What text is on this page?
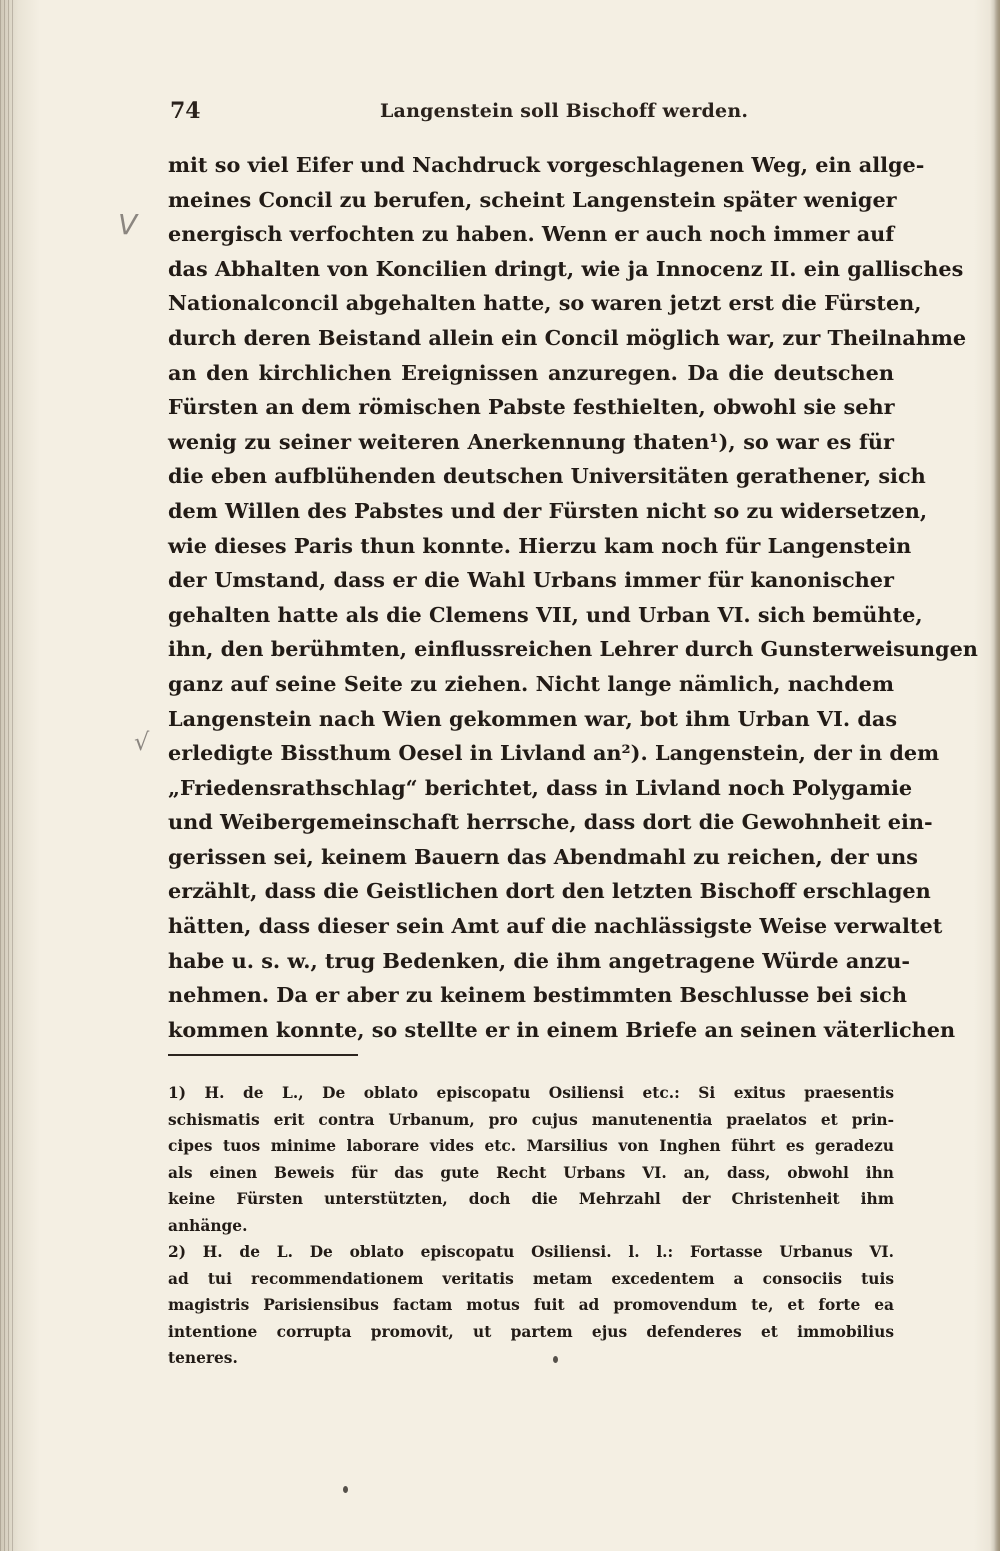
74	Langenstein soll Bischoff werden.
V
√
mit so viel Eifer und Nachdruck vorgeschlagenen Weg, ein allge-
meines Concil zu berufen, scheint Langenstein später weniger
energisch verfochten zu haben. Wenn er auch noch immer auf
das Abhalten von Koncilien dringt, wie ja Innocenz II. ein gallisches
Nationalconcil abgehalten hatte, so waren jetzt erst die Fürsten,
durch deren Beistand allein ein Concil möglich war, zur Theilnahme
an den kirchlichen Ereignissen anzuregen. Da die deutschen
Fürsten an dem römischen Pabste festhielten, obwohl sie sehr
wenig zu seiner weiteren Anerkennung thaten¹), so war es für
die eben aufblühenden deutschen Universitäten gerathener, sich
dem Willen des Pabstes und der Fürsten nicht so zu widersetzen,
wie dieses Paris thun konnte. Hierzu kam noch für Langenstein
der Umstand, dass er die Wahl Urbans immer für kanonischer
gehalten hatte als die Clemens VII, und Urban VI. sich bemühte,
ihn, den berühmten, einflussreichen Lehrer durch Gunsterweisungen
ganz auf seine Seite zu ziehen. Nicht lange nämlich, nachdem
Langenstein nach Wien gekommen war, bot ihm Urban VI. das
erledigte Bissthum Oesel in Livland an²). Langenstein, der in dem
„Friedensrathschlag“ berichtet, dass in Livland noch Polygamie
und Weibergemeinschaft herrsche, dass dort die Gewohnheit ein-
gerissen sei, keinem Bauern das Abendmahl zu reichen, der uns
erzählt, dass die Geistlichen dort den letzten Bischoff erschlagen
hätten, dass dieser sein Amt auf die nachlässigste Weise verwaltet
habe u. s. w., trug Bedenken, die ihm angetragene Würde anzu-
nehmen. Da er aber zu keinem bestimmten Beschlusse bei sich
kommen konnte, so stellte er in einem Briefe an seinen väterlichen
1) H. de L., De oblato episcopatu Osiliensi etc.: Si exitus praesentis
schismatis erit contra Urbanum, pro cujus manutenentia praelatos et prin-
cipes tuos minime laborare vides etc. Marsilius von Inghen führt es geradezu
als einen Beweis für das gute Recht Urbans VI. an, dass, obwohl ihn
keine Fürsten unterstützten, doch die Mehrzahl der Christenheit ihm
anhänge.
2) H. de L. De oblato episcopatu Osiliensi. l. l.: Fortasse Urbanus VI.
ad tui recommendationem veritatis metam excedentem a consociis tuis
magistris Parisiensibus factam motus fuit ad promovendum te, et forte ea
intentione corrupta promovit, ut partem ejus defenderes et immobilius
teneres.
